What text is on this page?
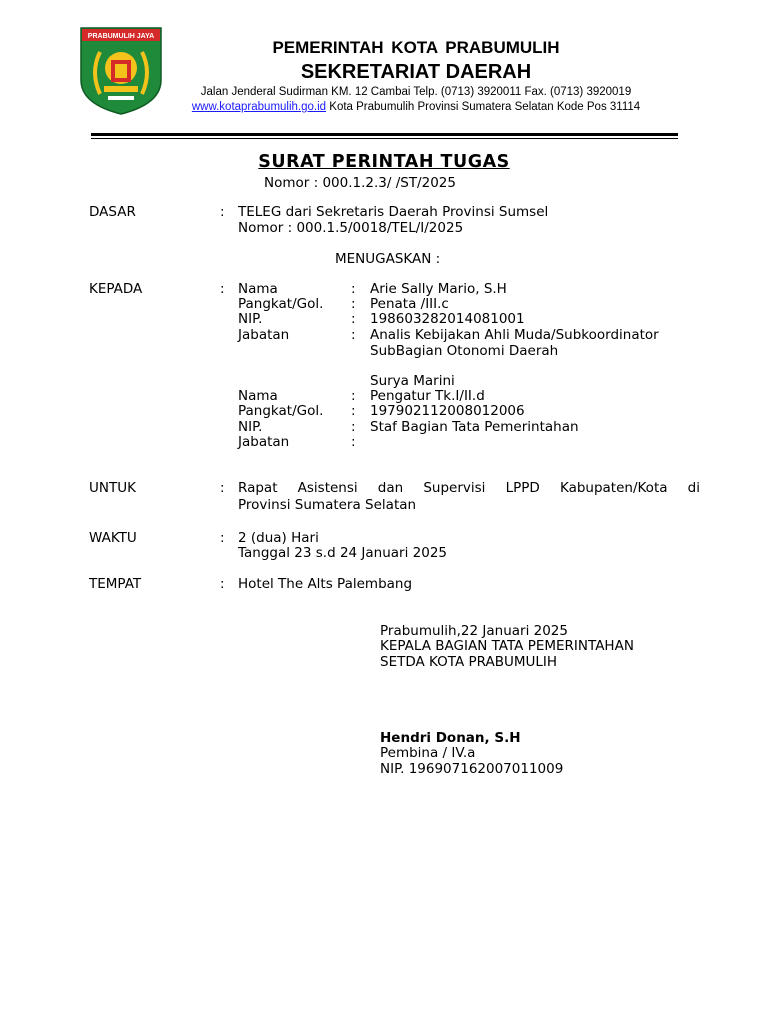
PRABUMULIH JAYA
PEMERINTAH KOTA PRABUMULIH
SEKRETARIAT DAERAH
Jalan Jenderal Sudirman KM. 12 Cambai Telp. (0713) 3920011 Fax. (0713) 3920019
www.kotaprabumulih.go.id Kota Prabumulih Provinsi Sumatera Selatan Kode Pos 31114
SURAT PERINTAH TUGAS
Nomor : 000.1.2.3/ /ST/2025
DASAR	: TELEG dari Sekretaris Daerah Provinsi Sumsel
Nomor : 000.1.5/0018/TEL/I/2025
MENUGASKAN :
KEPADA	: Nama	: Arie Sally Mario, S.H
Pangkat/Gol. : Penata /III.c
NIP.	: 198603282014081001
Jabatan	: Analis Kebijakan Ahli Muda/Subkoordinator
SubBagian Otonomi Daerah
Surya Marini
Nama	: Pengatur Tk.I/II.d
Pangkat/Gol. : 197902112008012006
NIP.	: Staf Bagian Tata Pemerintahan
Jabatan	:
UNTUK	: Rapat Asistensi dan Supervisi LPPD Kabupaten/Kota di
Provinsi Sumatera Selatan
WAKTU	: 2 (dua) Hari
Tanggal 23 s.d 24 Januari 2025
TEMPAT	: Hotel The Alts Palembang
Prabumulih,22 Januari 2025
KEPALA BAGIAN TATA PEMERINTAHAN
SETDA KOTA PRABUMULIH
Hendri Donan, S.H
Pembina / IV.a
NIP. 196907162007011009
